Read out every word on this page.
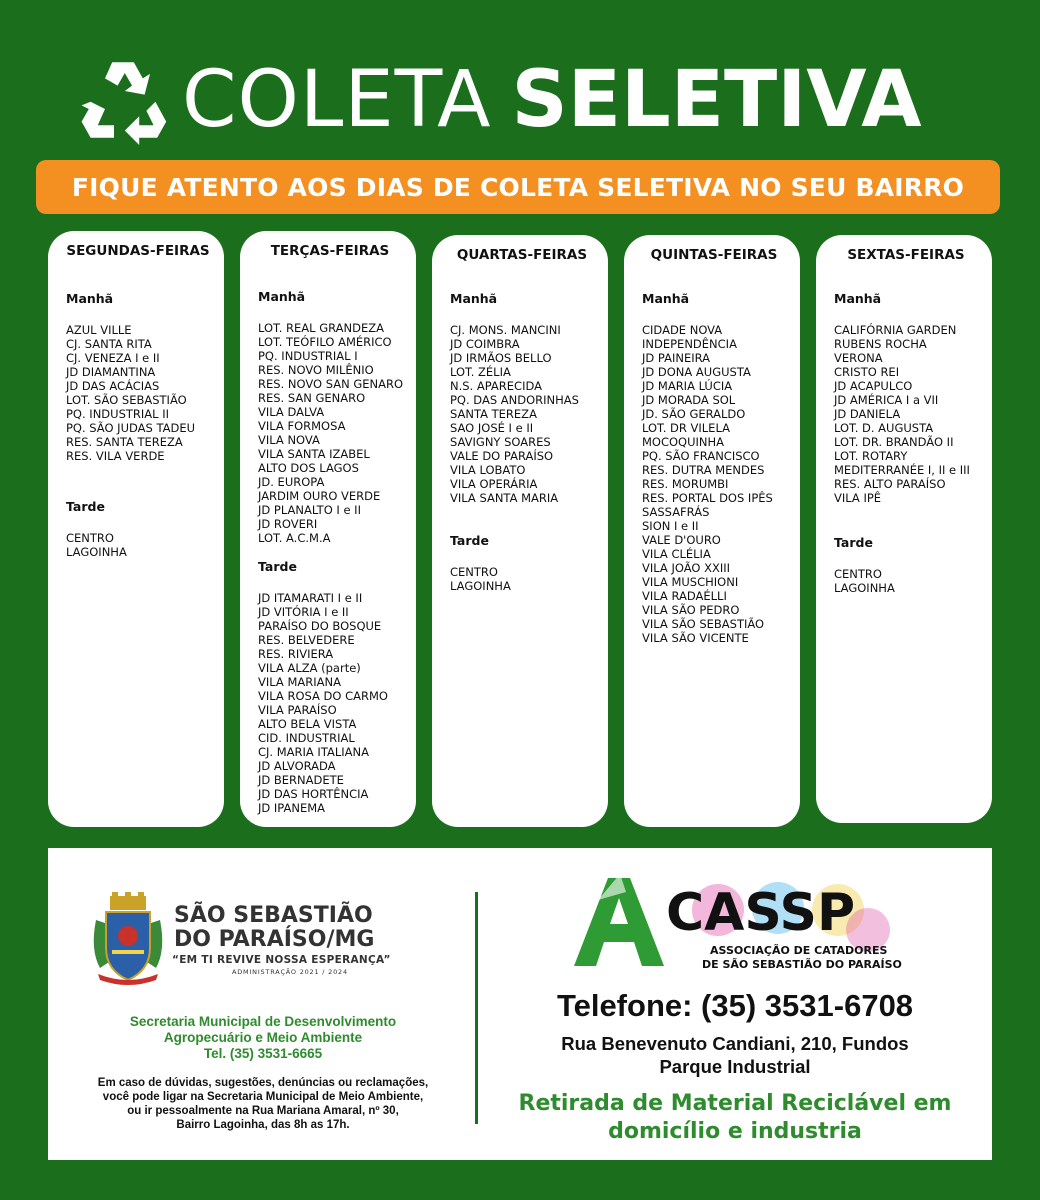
COLETA SELETIVA
FIQUE ATENTO AOS DIAS DE COLETA SELETIVA NO SEU BAIRRO
SEGUNDAS-FEIRAS
Manhã
AZUL VILLE
CJ. SANTA RITA
CJ. VENEZA I e II
JD DIAMANTINA
JD DAS ACÁCIAS
LOT. SÃO SEBASTIÃO
PQ. INDUSTRIAL II
PQ. SÃO JUDAS TADEU
RES. SANTA TEREZA
RES. VILA VERDE
Tarde
CENTRO
LAGOINHA
TERÇAS-FEIRAS
Manhã
LOT. REAL GRANDEZA
LOT. TEÓFILO AMÉRICO
PQ. INDUSTRIAL I
RES. NOVO MILÊNIO
RES. NOVO SAN GENARO
RES. SAN GENARO
VILA DALVA
VILA FORMOSA
VILA NOVA
VILA SANTA IZABEL
ALTO DOS LAGOS
JD. EUROPA
JARDIM OURO VERDE
JD PLANALTO I e II
JD ROVERI
LOT. A.C.M.A
Tarde
JD ITAMARATI I e II
JD VITÓRIA I e II
PARAÍSO DO BOSQUE
RES. BELVEDERE
RES. RIVIERA
VILA ALZA (parte)
VILA MARIANA
VILA ROSA DO CARMO
VILA PARAÍSO
ALTO BELA VISTA
CID. INDUSTRIAL
CJ. MARIA ITALIANA
JD ALVORADA
JD BERNADETE
JD DAS HORTÊNCIA
JD IPANEMA
QUARTAS-FEIRAS
Manhã
CJ. MONS. MANCINI
JD COIMBRA
JD IRMÃOS BELLO
LOT. ZÉLIA
N.S. APARECIDA
PQ. DAS ANDORINHAS
SANTA TEREZA
SAO JOSÉ I e II
SAVIGNY SOARES
VALE DO PARAÍSO
VILA LOBATO
VILA OPERÁRIA
VILA SANTA MARIA
Tarde
CENTRO
LAGOINHA
QUINTAS-FEIRAS
Manhã
CIDADE NOVA
INDEPENDÊNCIA
JD PAINEIRA
JD DONA AUGUSTA
JD MARIA LÚCIA
JD MORADA SOL
JD. SÃO GERALDO
LOT. DR VILELA
MOCOQUINHA
PQ. SÃO FRANCISCO
RES. DUTRA MENDES
RES. MORUMBI
RES. PORTAL DOS IPÊS
SASSAFRÁS
SION I e II
VALE D'OURO
VILA CLÉLIA
VILA JOÃO XXIII
VILA MUSCHIONI
VILA RADAÉLLI
VILA SÃO PEDRO
VILA SÃO SEBASTIÃO
VILA SÃO VICENTE
SEXTAS-FEIRAS
Manhã
CALIFÓRNIA GARDEN
RUBENS ROCHA
VERONA
CRISTO REI
JD ACAPULCO
JD AMÉRICA I a VII
JD DANIELA
LOT. D. AUGUSTA
LOT. DR. BRANDÃO II
LOT. ROTARY
MEDITERRANÉE I, II e III
RES. ALTO PARAÍSO
VILA IPÊ
Tarde
CENTRO
LAGOINHA
SÃO SEBASTIÃO
DO PARAÍSO/MG
“EM TI REVIVE NOSSA ESPERANÇA”
ADMINISTRAÇÃO 2021 / 2024
Secretaria Municipal de Desenvolvimento
Agropecuário e Meio Ambiente
Tel. (35) 3531-6665
Em caso de dúvidas, sugestões, denúncias ou reclamações,
você pode ligar na Secretaria Municipal de Meio Ambiente,
ou ir pessoalmente na Rua Mariana Amaral, nº 30,
Bairro Lagoinha, das 8h as 17h.
CASSP
ASSOCIAÇÃO DE CATADORES
DE SÃO SEBASTIÃO DO PARAÍSO
Telefone: (35) 3531-6708
Rua Benevenuto Candiani, 210, Fundos
Parque Industrial
Retirada de Material Reciclável em
domicílio e industria
